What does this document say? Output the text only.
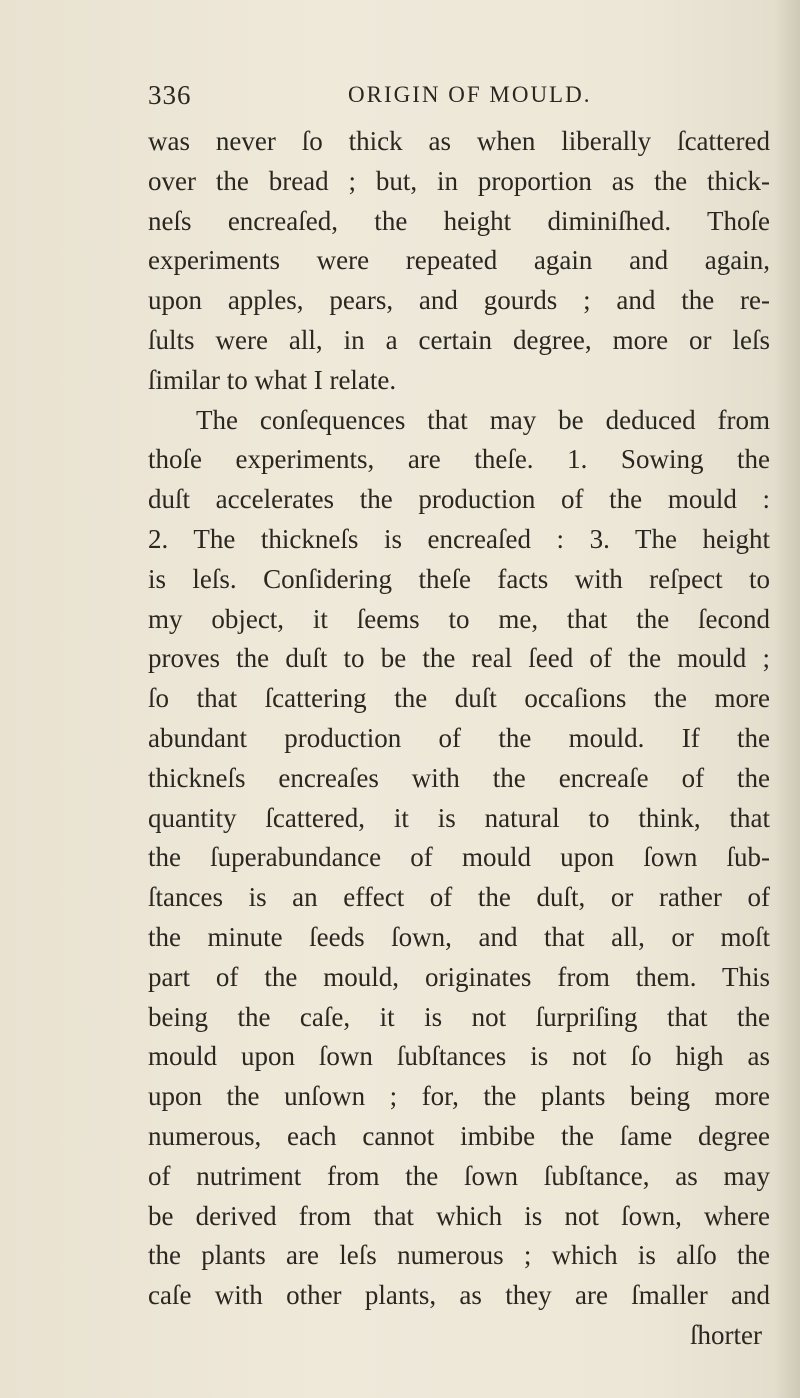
336	ORIGIN OF MOULD.
was never ſo thick as when liberally ſcattered
over the bread ; but, in proportion as the thick-
neſs encreaſed, the height diminiſhed. Thoſe
experiments were repeated again and again,
upon apples, pears, and gourds ; and the re-
ſults were all, in a certain degree, more or leſs
ſimilar to what I relate.
The conſequences that may be deduced from
thoſe experiments, are theſe. 1. Sowing the
duſt accelerates the production of the mould :
2. The thickneſs is encreaſed : 3. The height
is leſs. Conſidering theſe facts with reſpect to
my object, it ſeems to me, that the ſecond
proves the duſt to be the real ſeed of the mould ;
ſo that ſcattering the duſt occaſions the more
abundant production of the mould. If the
thickneſs encreaſes with the encreaſe of the
quantity ſcattered, it is natural to think, that
the ſuperabundance of mould upon ſown ſub-
ſtances is an effect of the duſt, or rather of
the minute ſeeds ſown, and that all, or moſt
part of the mould, originates from them. This
being the caſe, it is not ſurpriſing that the
mould upon ſown ſubſtances is not ſo high as
upon the unſown ; for, the plants being more
numerous, each cannot imbibe the ſame degree
of nutriment from the ſown ſubſtance, as may
be derived from that which is not ſown, where
the plants are leſs numerous ; which is alſo the
caſe with other plants, as they are ſmaller and
ſhorter
